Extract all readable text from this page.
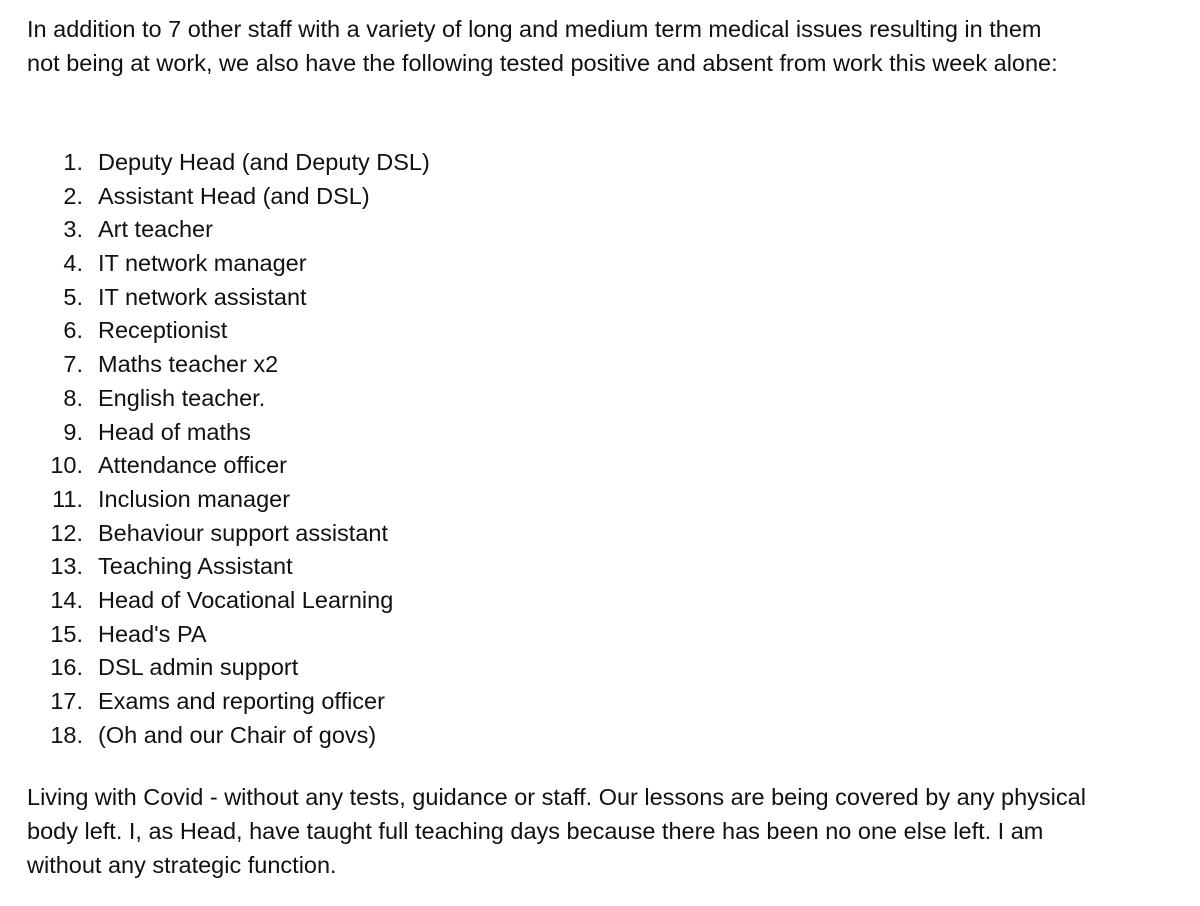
In addition to 7 other staff with a variety of long and medium term medical issues resulting in them
not being at work, we also have the following tested positive and absent from work this week alone:

1. Deputy Head (and Deputy DSL)
2. Assistant Head (and DSL)
3. Art teacher
4. IT network manager
5. IT network assistant
6. Receptionist
7. Maths teacher x2
8. English teacher.
9. Head of maths
10. Attendance officer
11. Inclusion manager
12. Behaviour support assistant
13. Teaching Assistant
14. Head of Vocational Learning
15. Head's PA
16. DSL admin support
17. Exams and reporting officer
18. (Oh and our Chair of govs)

Living with Covid - without any tests, guidance or staff. Our lessons are being covered by any physical
body left. I, as Head, have taught full teaching days because there has been no one else left. I am
without any strategic function.
